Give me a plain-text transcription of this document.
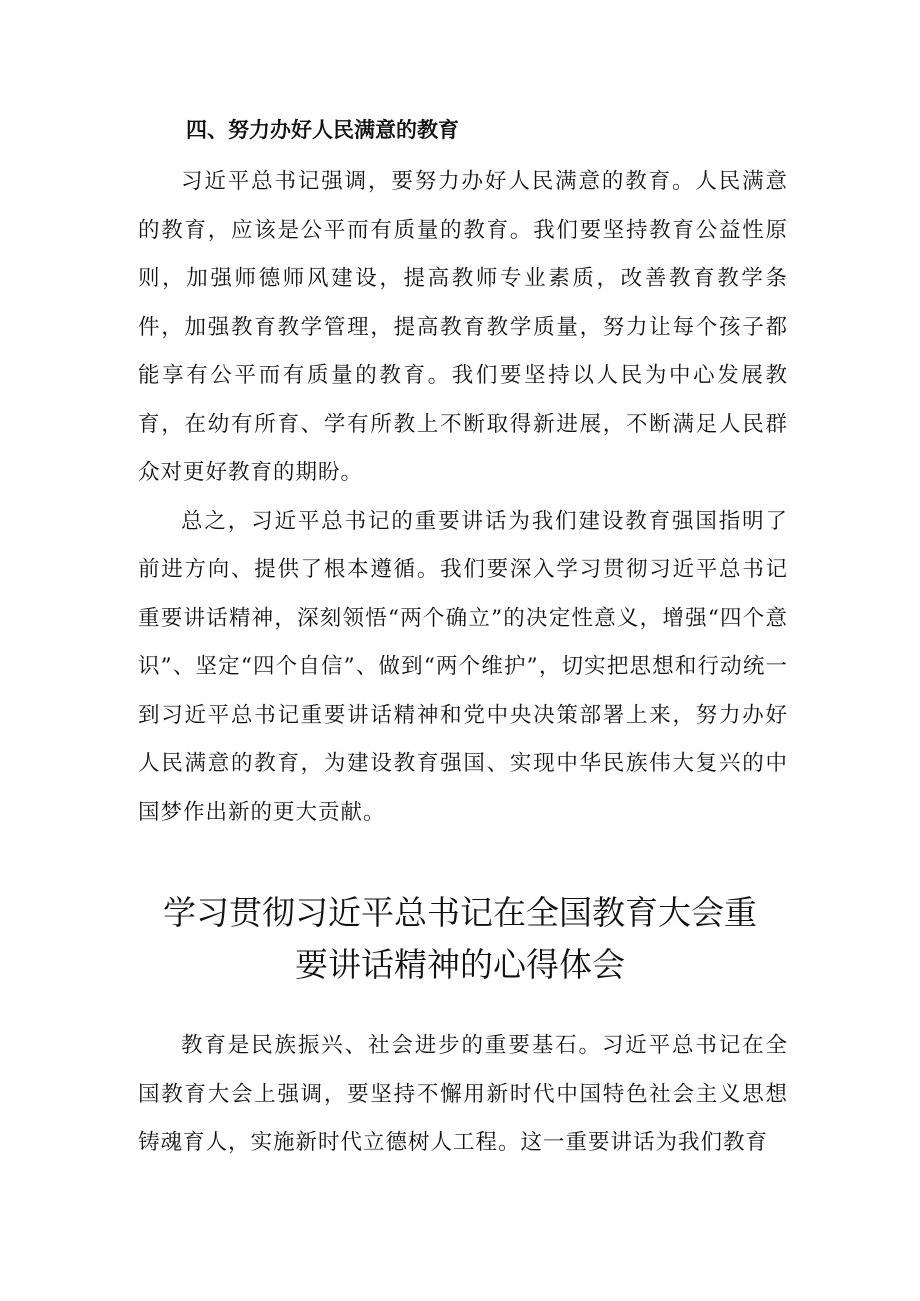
四、努力办好人民满意的教育

习近平总书记强调，要努力办好人民满意的教育。人民满意的教育，应该是公平而有质量的教育。我们要坚持教育公益性原则，加强师德师风建设，提高教师专业素质，改善教育教学条件，加强教育教学管理，提高教育教学质量，努力让每个孩子都能享有公平而有质量的教育。我们要坚持以人民为中心发展教育，在幼有所育、学有所教上不断取得新进展，不断满足人民群众对更好教育的期盼。

总之，习近平总书记的重要讲话为我们建设教育强国指明了前进方向、提供了根本遵循。我们要深入学习贯彻习近平总书记重要讲话精神，深刻领悟“两个确立”的决定性意义，增强“四个意识”、坚定“四个自信”、做到“两个维护”，切实把思想和行动统一到习近平总书记重要讲话精神和党中央决策部署上来，努力办好人民满意的教育，为建设教育强国、实现中华民族伟大复兴的中国梦作出新的更大贡献。

学习贯彻习近平总书记在全国教育大会重
要讲话精神的心得体会

教育是民族振兴、社会进步的重要基石。习近平总书记在全国教育大会上强调，要坚持不懈用新时代中国特色社会主义思想铸魂育人，实施新时代立德树人工程。这一重要讲话为我们教育
